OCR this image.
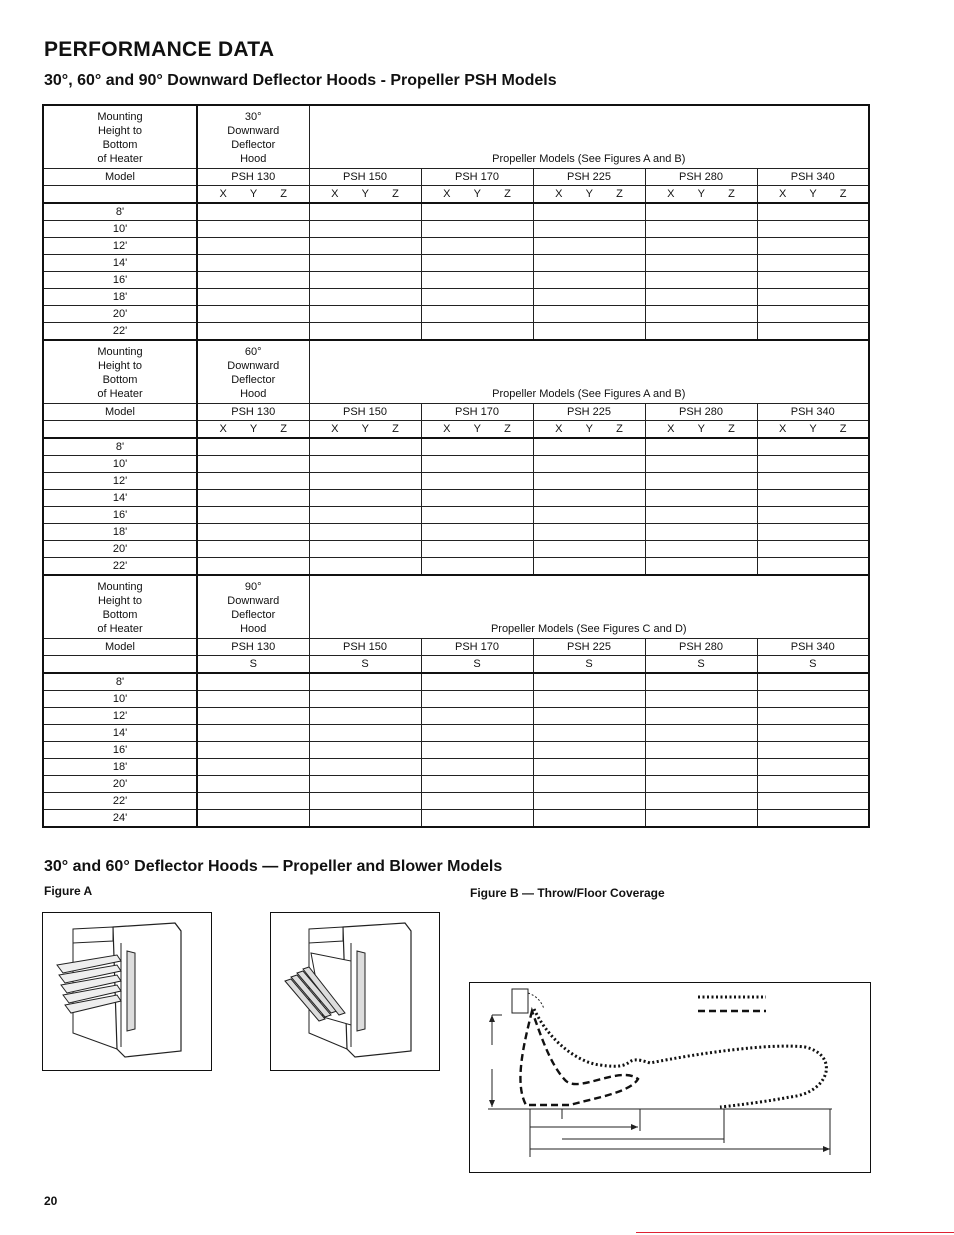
PERFORMANCE DATA
30°, 60° and 90° Downward Deflector Hoods - Propeller PSH Models
Mounting
Height to
Bottom
of Heater	30°
Downward
Deflector
Hood	Propeller Models (See Figures A and B)				
Model	PSH 130	PSH 150	PSH 170	PSH 225	PSH 280	PSH 340

	X Y Z	X Y Z	X Y Z	X Y Z	X Y Z	X Y Z

8'						
10'						
12'						
14'						
16'						
18'						
20'						
22'						
Mounting
Height to
Bottom
of Heater	60°
Downward
Deflector
Hood	Propeller Models (See Figures A and B)				
Model	PSH 130	PSH 150	PSH 170	PSH 225	PSH 280	PSH 340

	X Y Z	X Y Z	X Y Z	X Y Z	X Y Z	X Y Z

8'						
10'						
12'						
14'						
16'						
18'						
20'						
22'						
Mounting
Height to
Bottom
of Heater	90°
Downward
Deflector
Hood	Propeller Models (See Figures C and D)				
Model	PSH 130	PSH 150	PSH 170	PSH 225	PSH 280	PSH 340

	S	S	S	S	S	S

8'						
10'						
12'						
14'						
16'						
18'						
20'						
22'						
24'						
30° and 60° Deflector Hoods — Propeller and Blower Models
Figure A	Figure B — Throw/Floor Coverage
20
